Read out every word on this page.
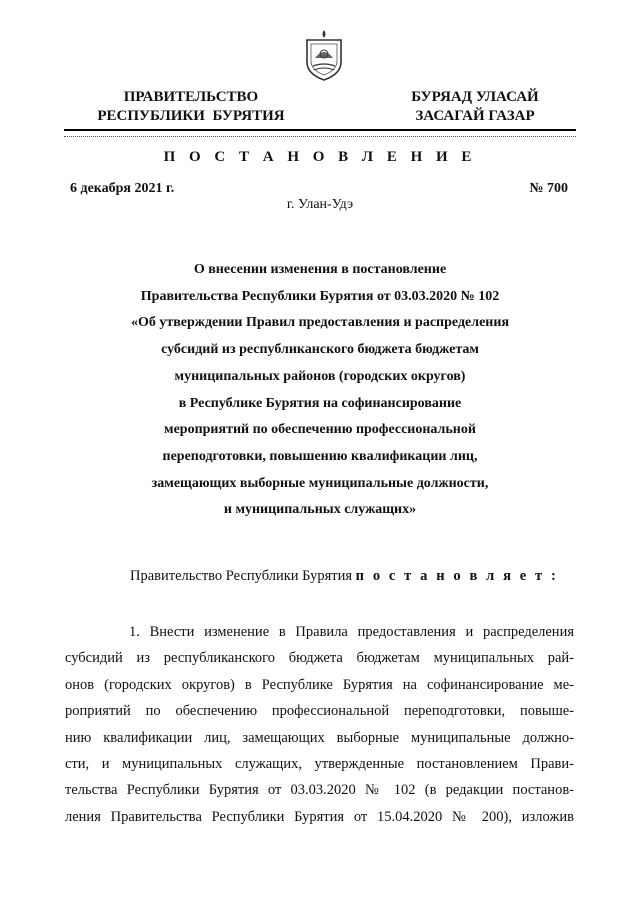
ПРАВИТЕЛЬСТВО
РЕСПУБЛИКИ  БУРЯТИЯ
БУРЯАД УЛАСАЙ
ЗАСАГАЙ ГАЗАР
П О С Т А Н О В Л Е Н И Е
6 декабря 2021 г.	№ 700
г. Улан-Удэ
О внесении изменения в постановление
Правительства Республики Бурятия от 03.03.2020 № 102
«Об утверждении Правил предоставления и распределения
субсидий из республиканского бюджета бюджетам
муниципальных районов (городских округов)
в Республике Бурятия на софинансирование
мероприятий по обеспечению профессиональной
переподготовки, повышению квалификации лиц,
замещающих выборные муниципальные должности,
и муниципальных служащих»
Правительство Республики Бурятия п о с т а н о в л я е т :
1. Внести изменение в Правила предоставления и распределения
субсидий из республиканского бюджета бюджетам муниципальных рай-
онов (городских округов) в Республике Бурятия на софинансирование ме-
роприятий по обеспечению профессиональной переподготовки, повыше-
нию квалификации лиц, замещающих выборные муниципальные должно-
сти, и муниципальных служащих, утвержденные постановлением Прави-
тельства Республики Бурятия от 03.03.2020 № 102 (в редакции постанов-
ления Правительства Республики Бурятия от 15.04.2020 № 200), изложив
